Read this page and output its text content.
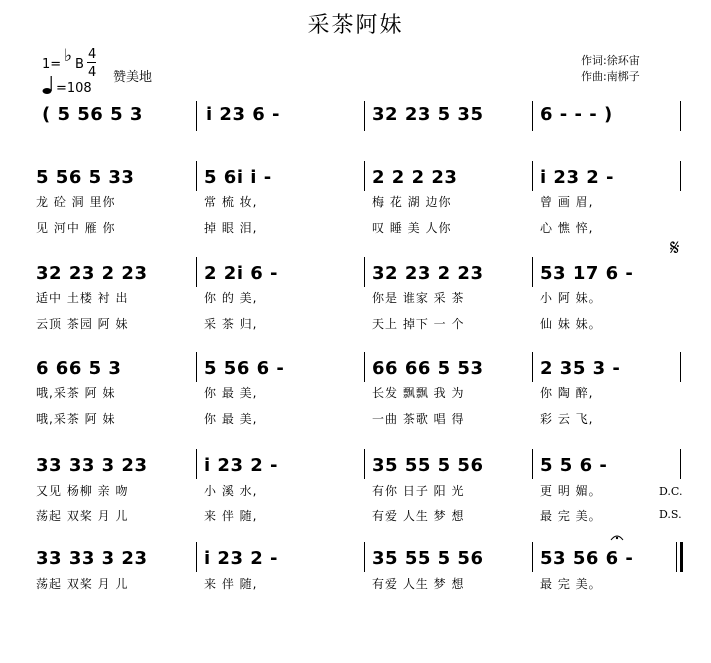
采茶阿妹
1= ♭ B
4
4 赞美地
=108
作词:徐环宙
作曲:南梆子
( 5 56 5 3	i 23 6 -	32 23 5 35	6 - - - )
5 56 5 33	5 6i i -	2 2 2 23	i 23 2 -
龙 砼 洞 里你	常 梳 妆,	梅 花 湖 边你	曾 画 眉,
见 河中 雁 你	掉 眼 泪,	叹 睡 美 人你	心 憔 悴,
32 23 2 23	2 2i 6 -	32 23 2 23	53 17 6 -
适中 土楼 衬 出	你 的 美,	你是 谁家 采 茶	小 阿 妹。
云顶 茶园 阿 妹	采 茶 归,	天上 掉下 一 个	仙 妹 妹。
𝄋
6 66 5 3	5 56 6 -	66 66 5 53	2 35 3 -
哦,采茶 阿 妹	你 最 美,	长发 飘飘 我 为	你 陶 醉,
哦,采茶 阿 妹	你 最 美,	一曲 茶歌 唱 得	彩 云 飞,
33 33 3 23	i 23 2 -	35 55 5 56	5 5 6 -
又见 杨柳 亲 吻	小 溪 水,	有你 日子 阳 光	更 明 媚。
荡起 双桨 月 儿	来 伴 随,	有爱 人生 梦 想	最 完 美。
D.C.
D.S.
33 33 3 23	i 23 2 -	35 55 5 56	53 56 6 -
荡起 双桨 月 儿	来 伴 随,	有爱 人生 梦 想	最 完 美。
